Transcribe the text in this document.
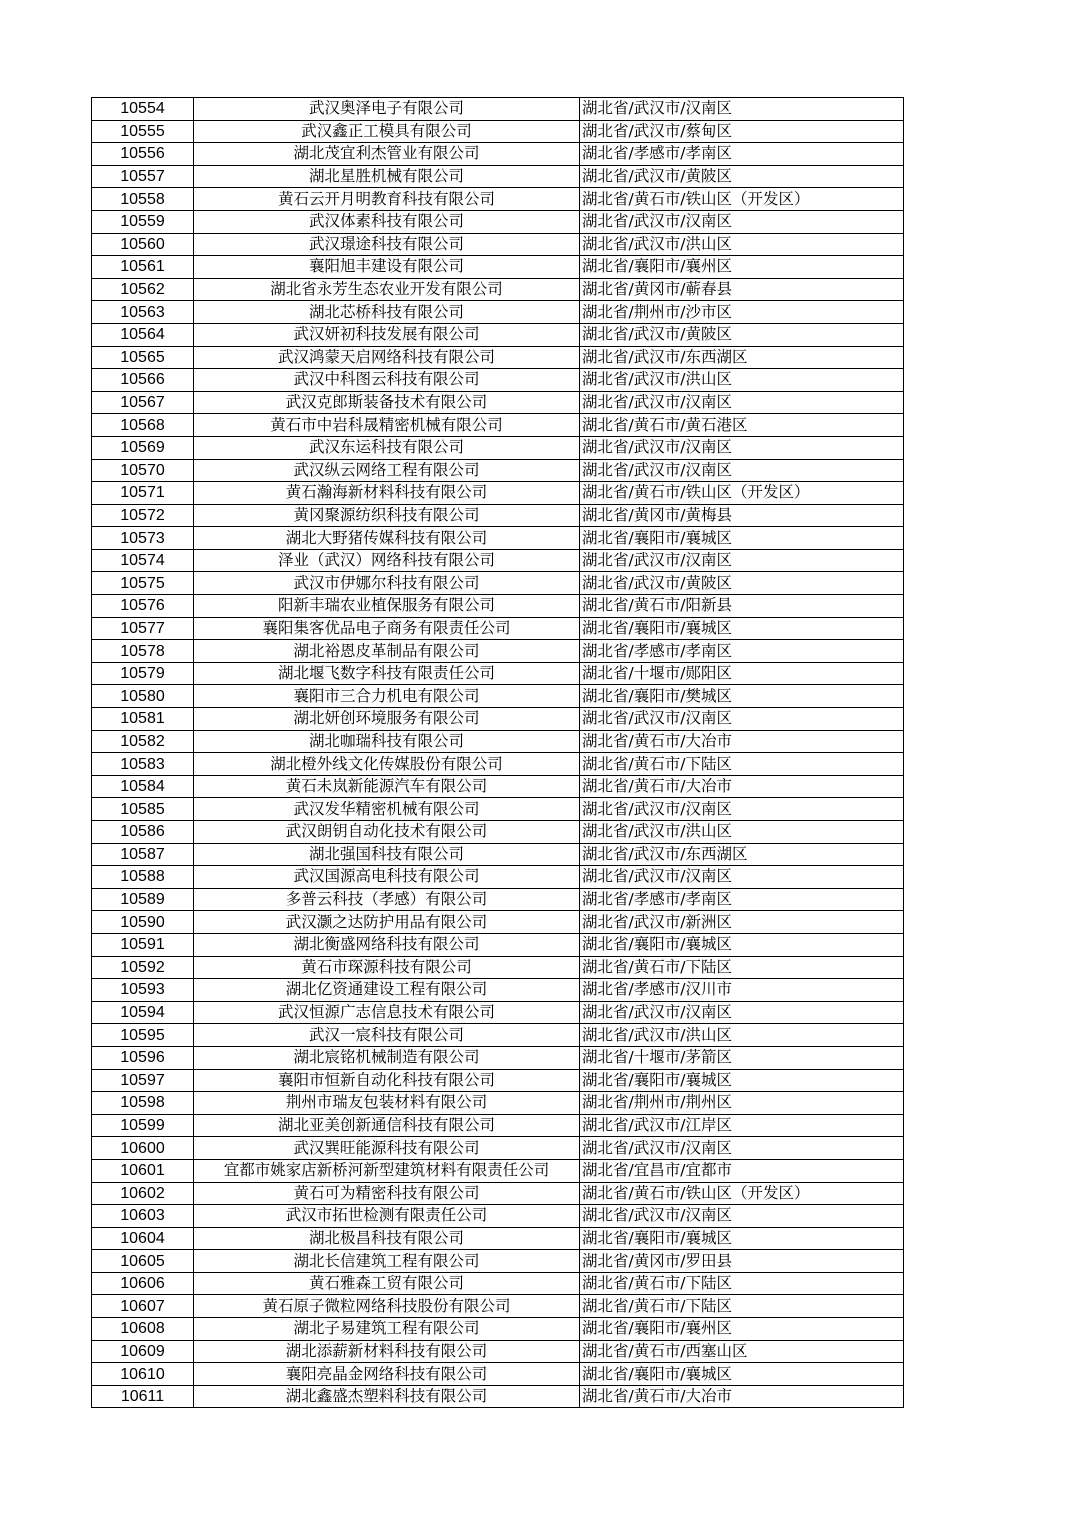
10554	武汉奥泽电子有限公司	湖北省/武汉市/汉南区
10555	武汉鑫正工模具有限公司	湖北省/武汉市/蔡甸区
10556	湖北茂宜利杰管业有限公司	湖北省/孝感市/孝南区
10557	湖北星胜机械有限公司	湖北省/武汉市/黄陂区
10558	黄石云开月明教育科技有限公司	湖北省/黄石市/铁山区（开发区）
10559	武汉体素科技有限公司	湖北省/武汉市/汉南区
10560	武汉璟途科技有限公司	湖北省/武汉市/洪山区
10561	襄阳旭丰建设有限公司	湖北省/襄阳市/襄州区
10562	湖北省永芳生态农业开发有限公司	湖北省/黄冈市/蕲春县
10563	湖北芯桥科技有限公司	湖北省/荆州市/沙市区
10564	武汉妍初科技发展有限公司	湖北省/武汉市/黄陂区
10565	武汉鸿蒙天启网络科技有限公司	湖北省/武汉市/东西湖区
10566	武汉中科图云科技有限公司	湖北省/武汉市/洪山区
10567	武汉克郎斯装备技术有限公司	湖北省/武汉市/汉南区
10568	黄石市中岩科晟精密机械有限公司	湖北省/黄石市/黄石港区
10569	武汉东运科技有限公司	湖北省/武汉市/汉南区
10570	武汉纵云网络工程有限公司	湖北省/武汉市/汉南区
10571	黄石瀚海新材料科技有限公司	湖北省/黄石市/铁山区（开发区）
10572	黄冈聚源纺织科技有限公司	湖北省/黄冈市/黄梅县
10573	湖北大野猪传媒科技有限公司	湖北省/襄阳市/襄城区
10574	泽业（武汉）网络科技有限公司	湖北省/武汉市/汉南区
10575	武汉市伊娜尔科技有限公司	湖北省/武汉市/黄陂区
10576	阳新丰瑞农业植保服务有限公司	湖北省/黄石市/阳新县
10577	襄阳集客优品电子商务有限责任公司	湖北省/襄阳市/襄城区
10578	湖北裕恩皮革制品有限公司	湖北省/孝感市/孝南区
10579	湖北堰飞数字科技有限责任公司	湖北省/十堰市/郧阳区
10580	襄阳市三合力机电有限公司	湖北省/襄阳市/樊城区
10581	湖北妍创环境服务有限公司	湖北省/武汉市/汉南区
10582	湖北咖瑞科技有限公司	湖北省/黄石市/大冶市
10583	湖北橙外线文化传媒股份有限公司	湖北省/黄石市/下陆区
10584	黄石未岚新能源汽车有限公司	湖北省/黄石市/大冶市
10585	武汉发华精密机械有限公司	湖北省/武汉市/汉南区
10586	武汉朗钥自动化技术有限公司	湖北省/武汉市/洪山区
10587	湖北强国科技有限公司	湖北省/武汉市/东西湖区
10588	武汉国源高电科技有限公司	湖北省/武汉市/汉南区
10589	多普云科技（孝感）有限公司	湖北省/孝感市/孝南区
10590	武汉灏之达防护用品有限公司	湖北省/武汉市/新洲区
10591	湖北衡盛网络科技有限公司	湖北省/襄阳市/襄城区
10592	黄石市琛源科技有限公司	湖北省/黄石市/下陆区
10593	湖北亿资通建设工程有限公司	湖北省/孝感市/汉川市
10594	武汉恒源广志信息技术有限公司	湖北省/武汉市/汉南区
10595	武汉一宸科技有限公司	湖北省/武汉市/洪山区
10596	湖北宸铭机械制造有限公司	湖北省/十堰市/茅箭区
10597	襄阳市恒新自动化科技有限公司	湖北省/襄阳市/襄城区
10598	荆州市瑞友包装材料有限公司	湖北省/荆州市/荆州区
10599	湖北亚美创新通信科技有限公司	湖北省/武汉市/江岸区
10600	武汉巽旺能源科技有限公司	湖北省/武汉市/汉南区
10601	宜都市姚家店新桥河新型建筑材料有限责任公司	湖北省/宜昌市/宜都市
10602	黄石可为精密科技有限公司	湖北省/黄石市/铁山区（开发区）
10603	武汉市拓世检测有限责任公司	湖北省/武汉市/汉南区
10604	湖北极昌科技有限公司	湖北省/襄阳市/襄城区
10605	湖北长信建筑工程有限公司	湖北省/黄冈市/罗田县
10606	黄石雅森工贸有限公司	湖北省/黄石市/下陆区
10607	黄石原子微粒网络科技股份有限公司	湖北省/黄石市/下陆区
10608	湖北子易建筑工程有限公司	湖北省/襄阳市/襄州区
10609	湖北添薪新材料科技有限公司	湖北省/黄石市/西塞山区
10610	襄阳亮晶金网络科技有限公司	湖北省/襄阳市/襄城区
10611	湖北鑫盛杰塑料科技有限公司	湖北省/黄石市/大冶市
